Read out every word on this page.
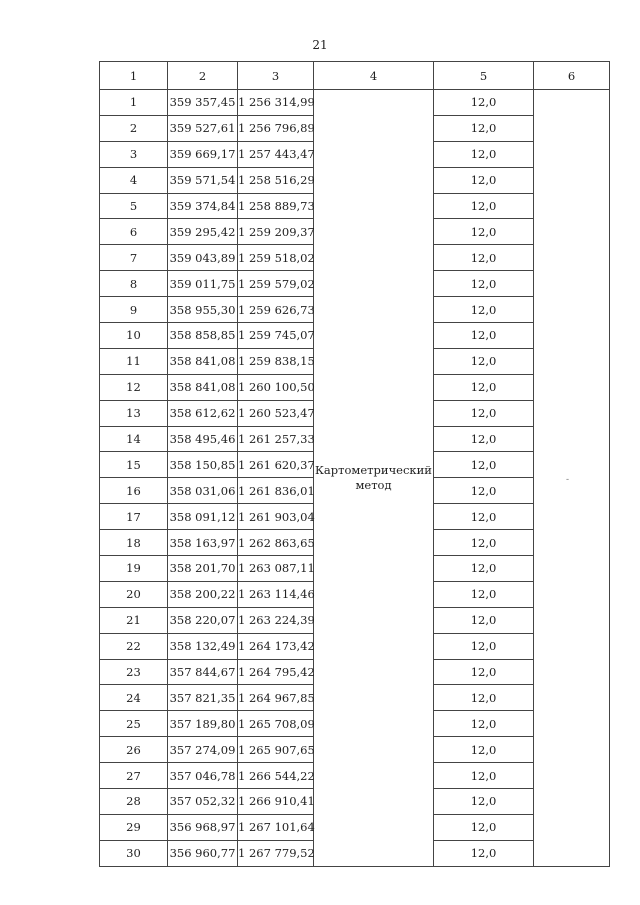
21
1	2	3	4	5	6
1	359 357,45	1 256 314,99	Картометрический метод	12,0	-

2	359 527,61	1 256 796,89		12,0	
3	359 669,17	1 257 443,47		12,0	
4	359 571,54	1 258 516,29		12,0	
5	359 374,84	1 258 889,73		12,0	
6	359 295,42	1 259 209,37		12,0	
7	359 043,89	1 259 518,02		12,0	
8	359 011,75	1 259 579,02		12,0	
9	358 955,30	1 259 626,73		12,0	
10	358 858,85	1 259 745,07		12,0	
11	358 841,08	1 259 838,15		12,0	
12	358 841,08	1 260 100,50		12,0	
13	358 612,62	1 260 523,47		12,0	
14	358 495,46	1 261 257,33		12,0	
15	358 150,85	1 261 620,37		12,0	
16	358 031,06	1 261 836,01		12,0	
17	358 091,12	1 261 903,04		12,0	
18	358 163,97	1 262 863,65		12,0	
19	358 201,70	1 263 087,11		12,0	
20	358 200,22	1 263 114,46		12,0	
21	358 220,07	1 263 224,39		12,0	
22	358 132,49	1 264 173,42		12,0	
23	357 844,67	1 264 795,42		12,0	
24	357 821,35	1 264 967,85		12,0	
25	357 189,80	1 265 708,09		12,0	
26	357 274,09	1 265 907,65		12,0	
27	357 046,78	1 266 544,22		12,0	
28	357 052,32	1 266 910,41		12,0	
29	356 968,97	1 267 101,64		12,0	
30	356 960,77	1 267 779,52		12,0	
